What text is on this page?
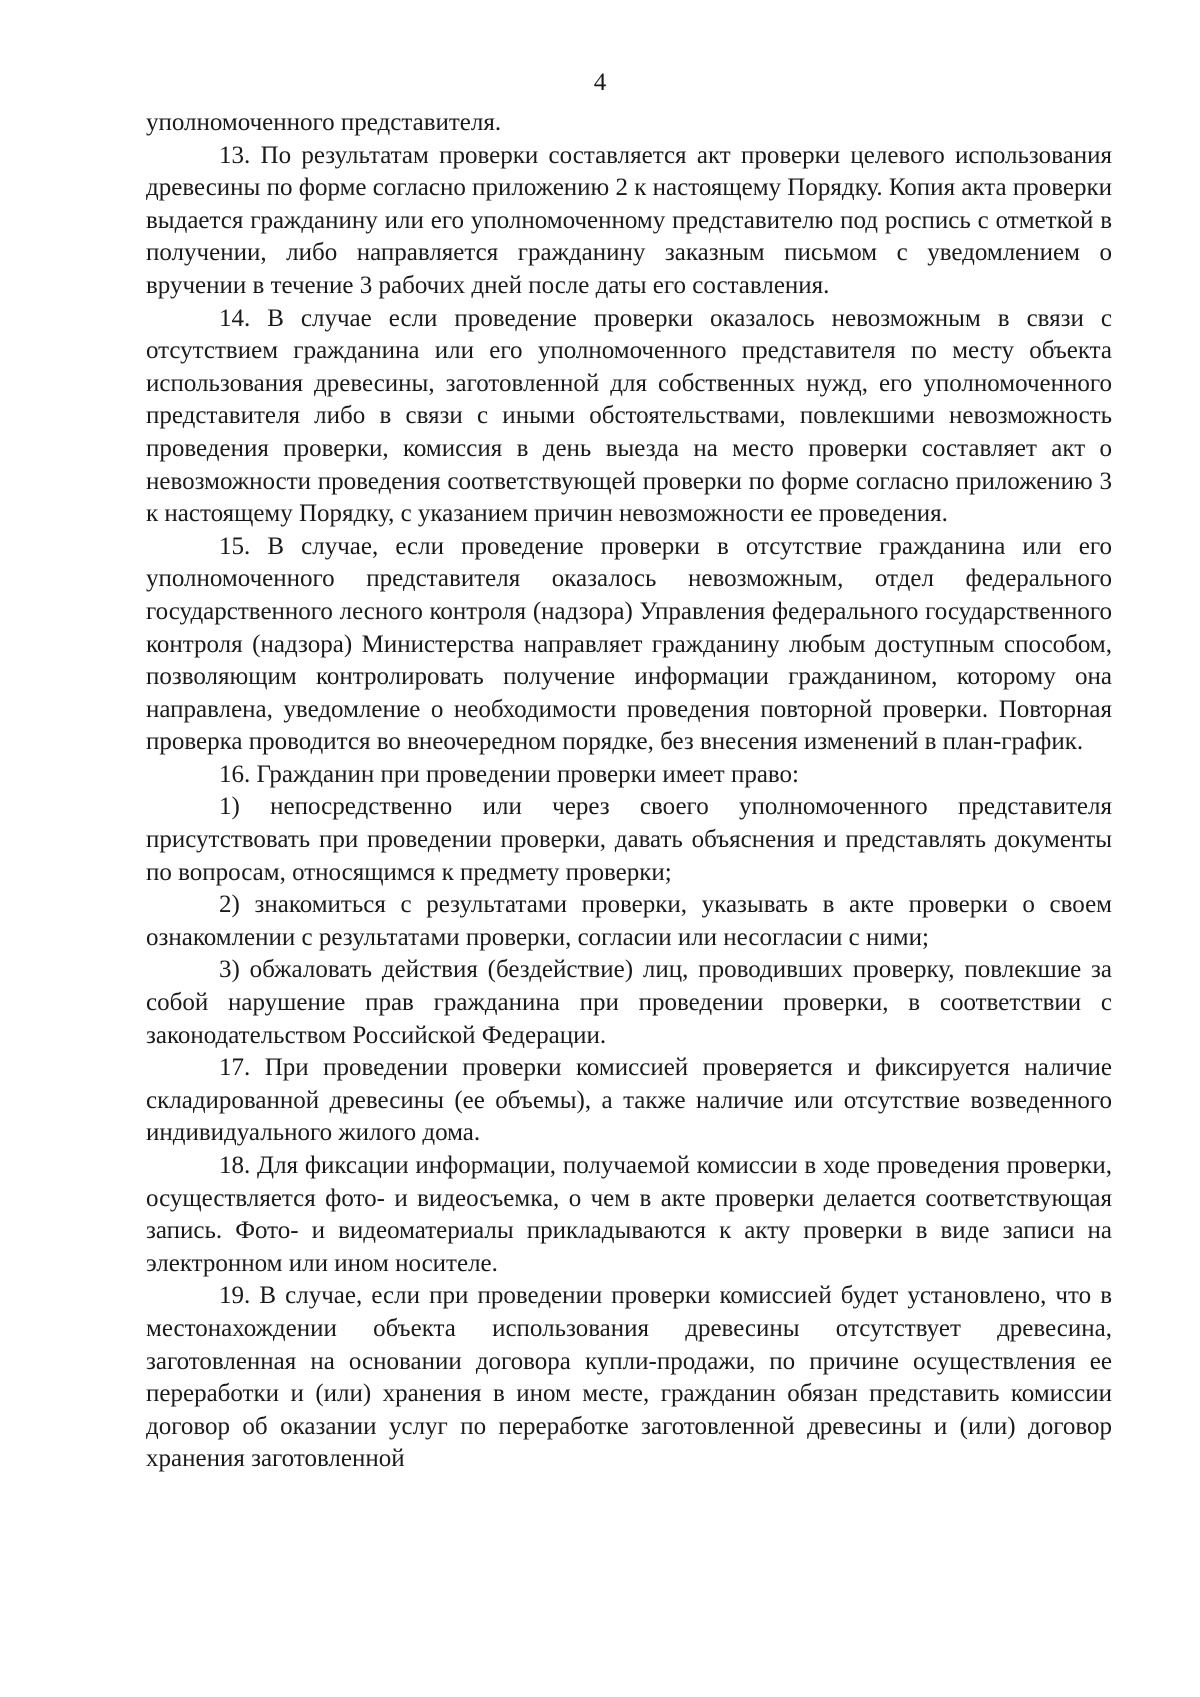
4

уполномоченного представителя.

13. По результатам проверки составляется акт проверки целевого использования древесины по форме согласно приложению 2 к настоящему Порядку. Копия акта проверки выдается гражданину или его уполномоченному представителю под роспись с отметкой в получении, либо направляется гражданину заказным письмом с уведомлением о вручении в течение 3 рабочих дней после даты его составления.

14. В случае если проведение проверки оказалось невозможным в связи с отсутствием гражданина или его уполномоченного представителя по месту объекта использования древесины, заготовленной для собственных нужд, его уполномоченного представителя либо в связи с иными обстоятельствами, повлекшими невозможность проведения проверки, комиссия в день выезда на место проверки составляет акт о невозможности проведения соответствующей проверки по форме согласно приложению 3 к настоящему Порядку, с указанием причин невозможности ее проведения.

15. В случае, если проведение проверки в отсутствие гражданина или его уполномоченного представителя оказалось невозможным, отдел федерального государственного лесного контроля (надзора) Управления федерального государственного контроля (надзора) Министерства направляет гражданину любым доступным способом, позволяющим контролировать получение информации гражданином, которому она направлена, уведомление о необходимости проведения повторной проверки. Повторная проверка проводится во внеочередном порядке, без внесения изменений в план-график.

16. Гражданин при проведении проверки имеет право:

1) непосредственно или через своего уполномоченного представителя присутствовать при проведении проверки, давать объяснения и представлять документы по вопросам, относящимся к предмету проверки;

2) знакомиться с результатами проверки, указывать в акте проверки о своем ознакомлении с результатами проверки, согласии или несогласии с ними;

3) обжаловать действия (бездействие) лиц, проводивших проверку, повлекшие за собой нарушение прав гражданина при проведении проверки, в соответствии с законодательством Российской Федерации.

17. При проведении проверки комиссией проверяется и фиксируется наличие складированной древесины (ее объемы), а также наличие или отсутствие возведенного индивидуального жилого дома.

18. Для фиксации информации, получаемой комиссии в ходе проведения проверки, осуществляется фото- и видеосъемка, о чем в акте проверки делается соответствующая запись. Фото- и видеоматериалы прикладываются к акту проверки в виде записи на электронном или ином носителе.

19. В случае, если при проведении проверки комиссией будет установлено, что в местонахождении объекта использования древесины отсутствует древесина, заготовленная на основании договора купли-продажи, по причине осуществления ее переработки и (или) хранения в ином месте, гражданин обязан представить комиссии договор об оказании услуг по переработке заготовленной древесины и (или) договор хранения заготовленной
